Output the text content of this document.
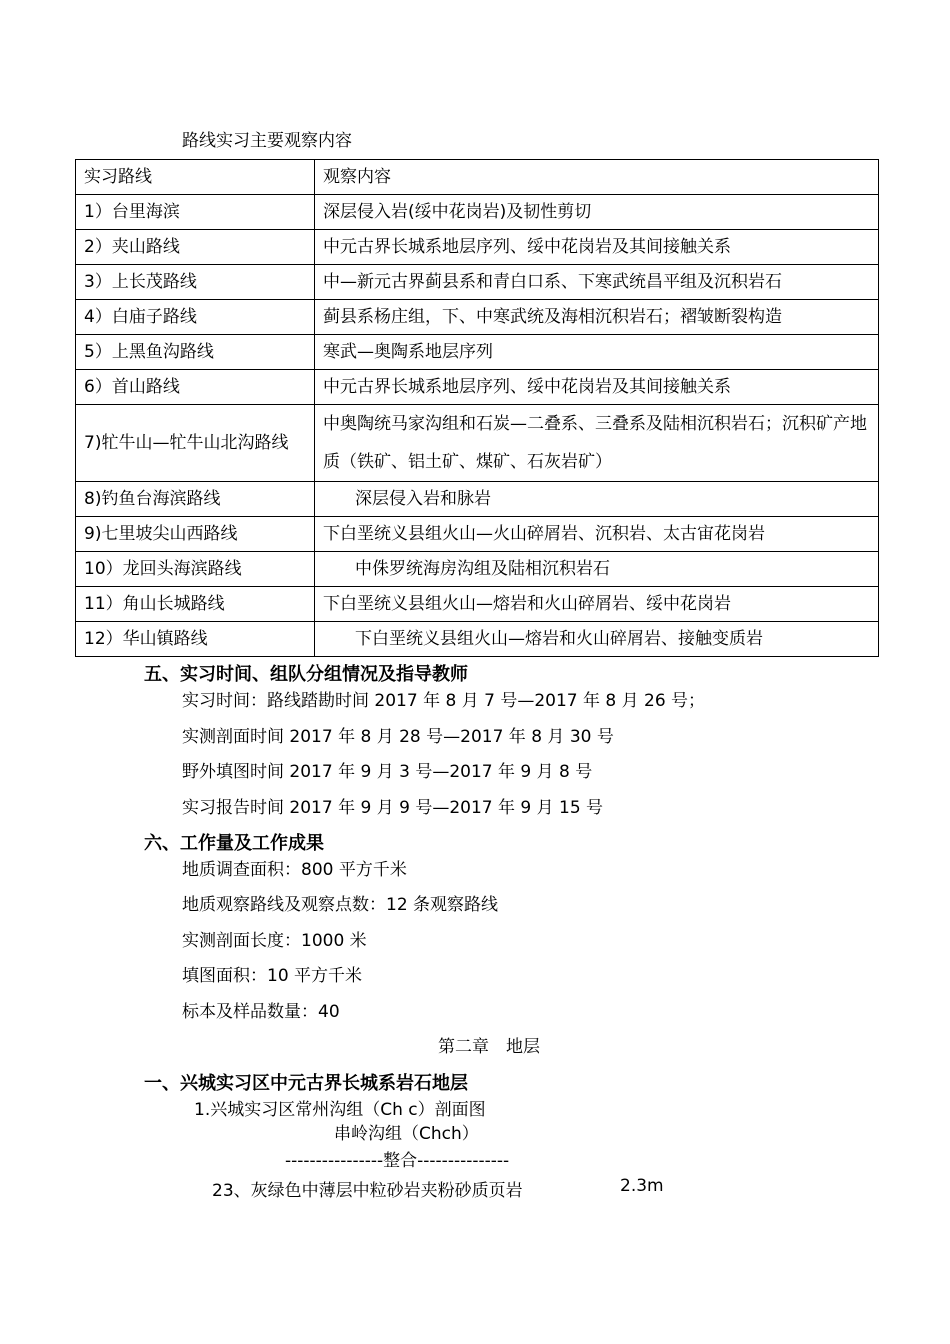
路线实习主要观察内容
实习路线	观察内容
1）台里海滨	深层侵入岩(绥中花岗岩)及韧性剪切
2）夹山路线	中元古界长城系地层序列、绥中花岗岩及其间接触关系
3）上长茂路线	中—新元古界蓟县系和青白口系、下寒武统昌平组及沉积岩石
4）白庙子路线	蓟县系杨庄组，下、中寒武统及海相沉积岩石；褶皱断裂构造
5）上黑鱼沟路线	寒武—奥陶系地层序列
6）首山路线	中元古界长城系地层序列、绥中花岗岩及其间接触关系
7)牤牛山—牤牛山北沟路线	中奥陶统马家沟组和石炭—二叠系、三叠系及陆相沉积岩石；沉积矿产地质（铁矿、铝土矿、煤矿、石灰岩矿）
8)钓鱼台海滨路线	深层侵入岩和脉岩
9)七里坡尖山西路线	下白垩统义县组火山—火山碎屑岩、沉积岩、太古宙花岗岩
10）龙回头海滨路线	中侏罗统海房沟组及陆相沉积岩石
11）角山长城路线	下白垩统义县组火山—熔岩和火山碎屑岩、绥中花岗岩
12）华山镇路线	下白垩统义县组火山—熔岩和火山碎屑岩、接触变质岩
五、实习时间、组队分组情况及指导教师
实习时间：路线踏勘时间 2017 年 8 月 7 号—2017 年 8 月 26 号；
实测剖面时间 2017 年 8 月 28 号—2017 年 8 月 30 号
野外填图时间 2017 年 9 月 3 号—2017 年 9 月 8 号
实习报告时间 2017 年 9 月 9 号—2017 年 9 月 15 号
六、工作量及工作成果
地质调查面积：800 平方千米
地质观察路线及观察点数：12 条观察路线
实测剖面长度：1000 米
填图面积：10 平方千米
标本及样品数量：40
第二章　地层
一、兴城实习区中元古界长城系岩石地层
1.兴城实习区常州沟组（Ch c）剖面图
串岭沟组（Chch）
----------------整合---------------
23、灰绿色中薄层中粒砂岩夹粉砂质页岩	2.3m
